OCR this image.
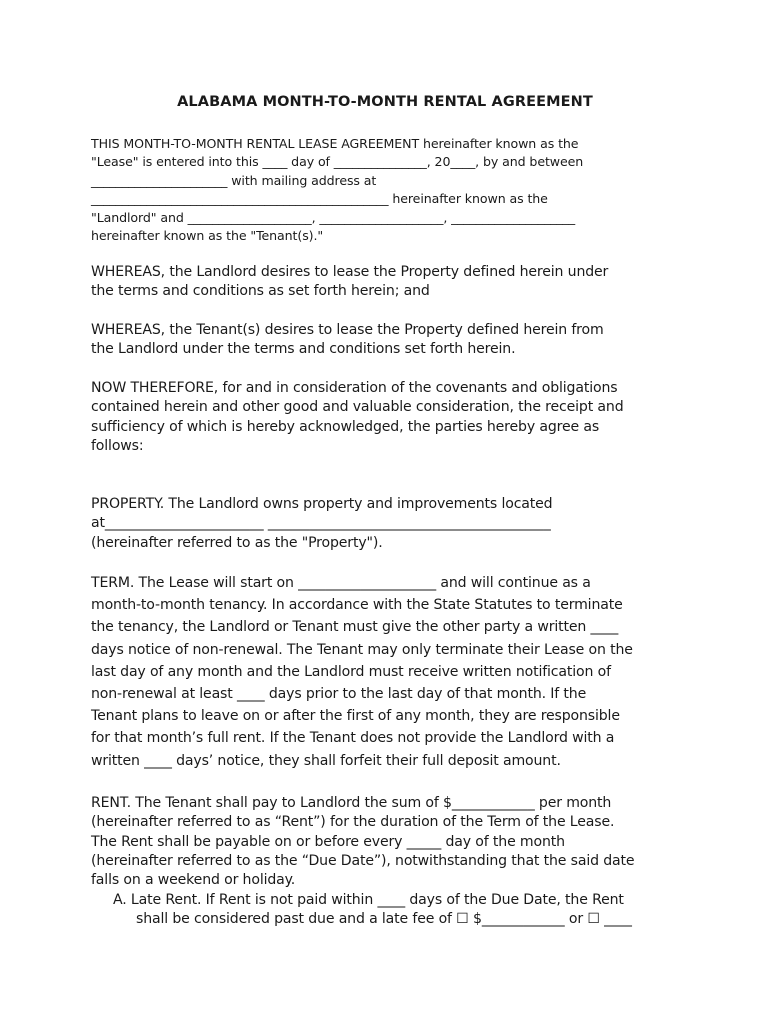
ALABAMA MONTH-TO-MONTH RENTAL AGREEMENT

THIS MONTH-TO-MONTH RENTAL LEASE AGREEMENT hereinafter known as the

"Lease" is entered into this ____ day of _______________, 20____, by and between

______________________ with mailing address at

________________________________________________ hereinafter known as the

"Landlord" and ____________________, ____________________, ____________________

hereinafter known as the "Tenant(s)."

WHEREAS, the Landlord desires to lease the Property defined herein under

the terms and conditions as set forth herein; and

WHEREAS, the Tenant(s) desires to lease the Property defined herein from

the Landlord under the terms and conditions set forth herein.

NOW THEREFORE, for and in consideration of the covenants and obligations

contained herein and other good and valuable consideration, the receipt and

sufficiency of which is hereby acknowledged, the parties hereby agree as

follows:

PROPERTY. The Landlord owns property and improvements located

at_______________________ _________________________________________

(hereinafter referred to as the "Property").

TERM. The Lease will start on ____________________ and will continue as a

month-to-month tenancy. In accordance with the State Statutes to terminate

the tenancy, the Landlord or Tenant must give the other party a written ____

days notice of non-renewal. The Tenant may only terminate their Lease on the

last day of any month and the Landlord must receive written notification of

non-renewal at least ____ days prior to the last day of that month. If the

Tenant plans to leave on or after the first of any month, they are responsible

for that month’s full rent. If the Tenant does not provide the Landlord with a

written ____ days’ notice, they shall forfeit their full deposit amount.

RENT. The Tenant shall pay to Landlord the sum of $____________ per month

(hereinafter referred to as “Rent”) for the duration of the Term of the Lease.

The Rent shall be payable on or before every _____ day of the month

(hereinafter referred to as the “Due Date”), notwithstanding that the said date

falls on a weekend or holiday.

A. Late Rent. If Rent is not paid within ____ days of the Due Date, the Rent

shall be considered past due and a late fee of ☐ $____________ or ☐ ____
